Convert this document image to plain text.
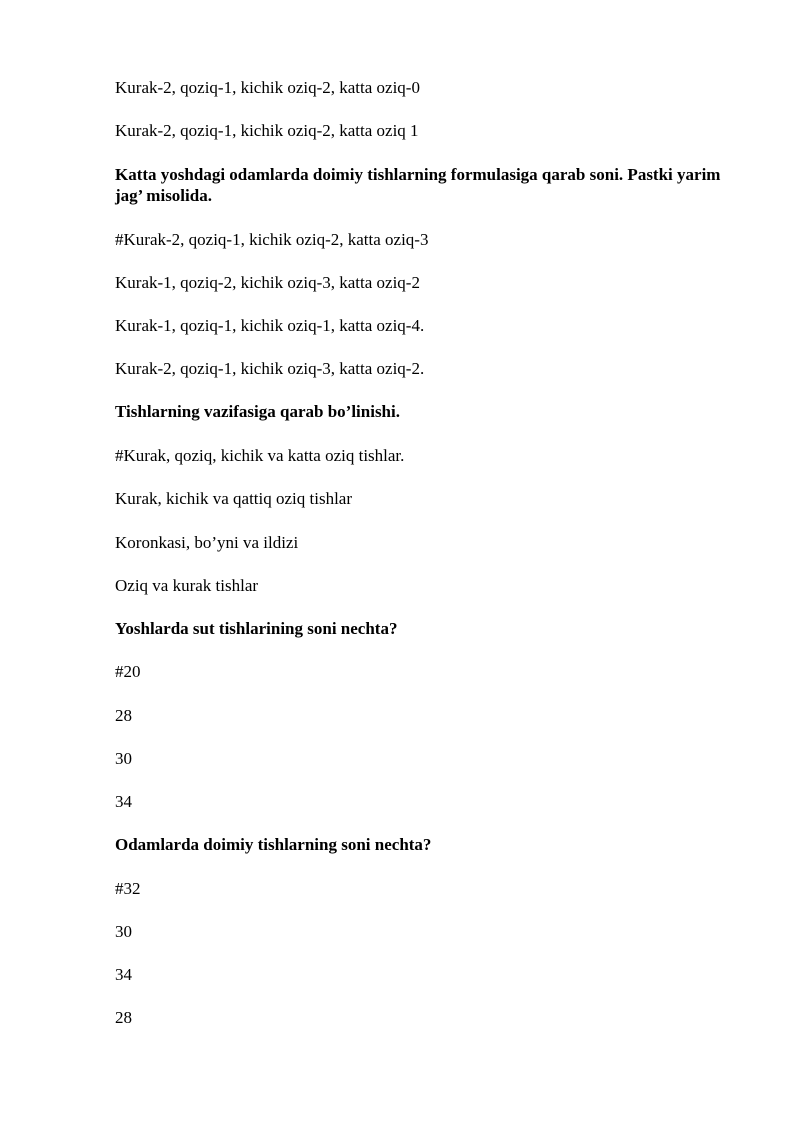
Kurak-2, qoziq-1, kichik oziq-2, katta oziq-0
Kurak-2, qoziq-1, kichik oziq-2, katta oziq 1
Katta yoshdagi odamlarda doimiy tishlarning formulasiga qarab soni. Pastki yarim jag’ misolida.
#Kurak-2, qoziq-1, kichik oziq-2, katta oziq-3
Kurak-1, qoziq-2, kichik oziq-3, katta oziq-2
Kurak-1, qoziq-1, kichik oziq-1, katta oziq-4.
Kurak-2, qoziq-1, kichik oziq-3, katta oziq-2.
Tishlarning vazifasiga qarab bo’linishi.
#Kurak, qoziq, kichik va katta oziq tishlar.
Kurak, kichik va qattiq oziq tishlar
Koronkasi, bo’yni va ildizi
Oziq va kurak tishlar
Yoshlarda sut tishlarining soni nechta?
#20
28
30
34
Odamlarda doimiy tishlarning soni nechta?
#32
30
34
28
